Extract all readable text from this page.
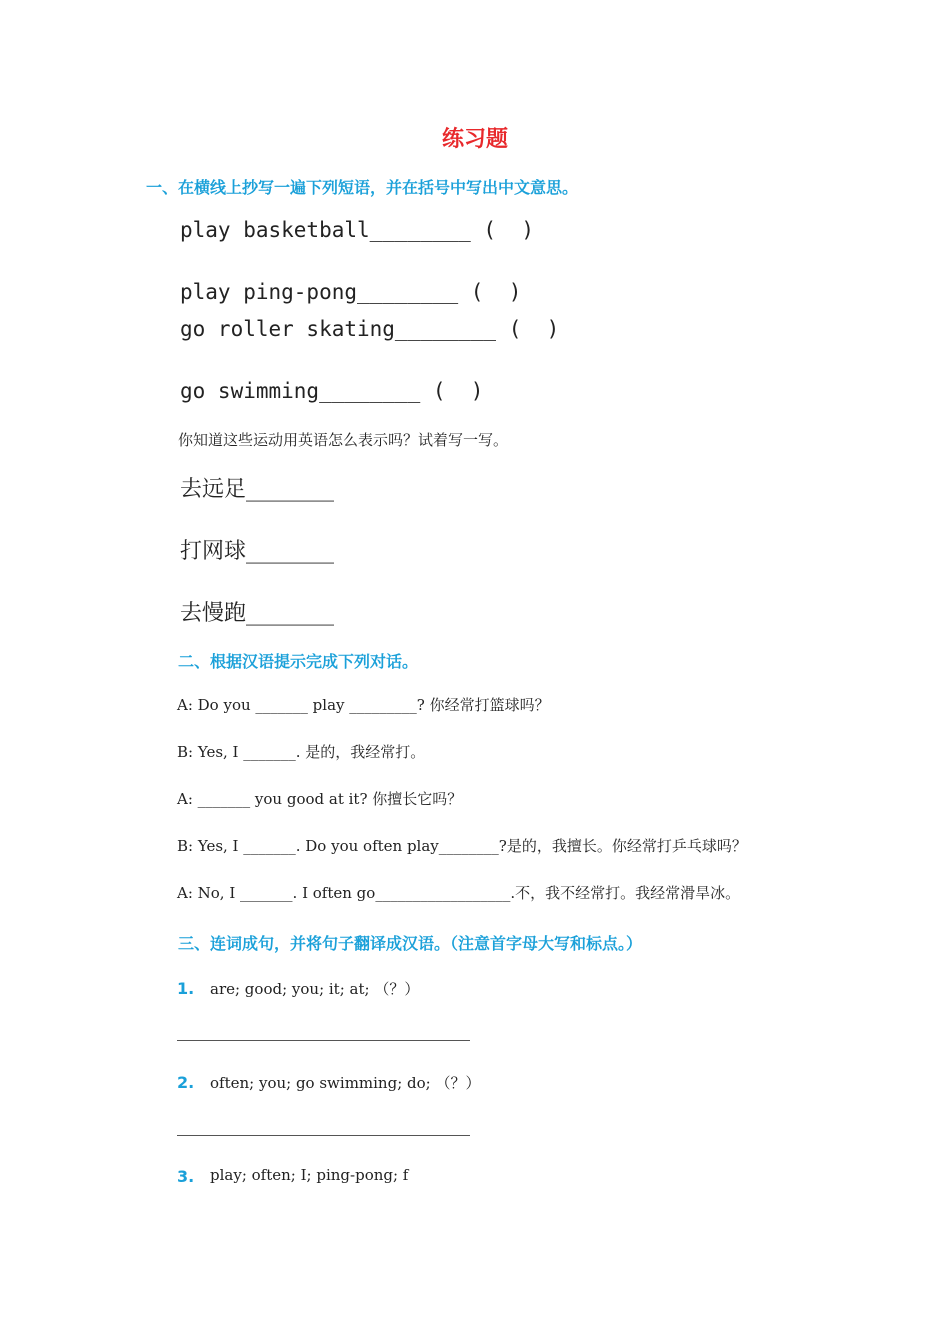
练习题
一、在横线上抄写一遍下列短语，并在括号中写出中文意思。
play basketball________ (  )
play ping-pong________ (  )
go roller skating________ (  )
go swimming________ (  )
你知道这些运动用英语怎么表示吗？试着写一写。
去远足________
打网球________
去慢跑________
二、根据汉语提示完成下列对话。
A: Do you _______ play _________? 你经常打篮球吗？
B: Yes, I _______. 是的，我经常打。
A: _______ you good at it? 你擅长它吗？
B: Yes, I _______. Do you often play________?是的，我擅长。你经常打乒乓球吗？
A: No, I _______. I often go__________________.不，我不经常打。我经常滑旱冰。
三、连词成句，并将句子翻译成汉语。（注意首字母大写和标点。）
1. are; good; you; it; at; （？）
2. often; you; go swimming; do; （？）
3. play; often; I; ping-pong; f
